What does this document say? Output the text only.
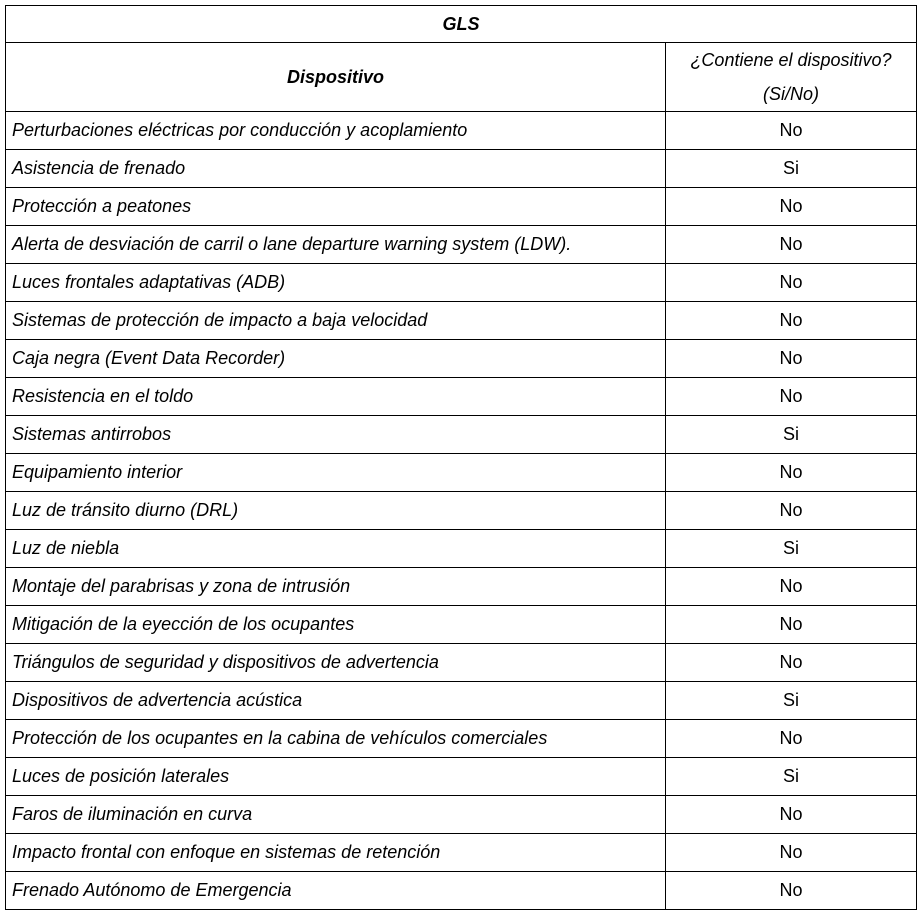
GLS	
Dispositivo	¿Contiene el dispositivo?
(Si/No)

Perturbaciones eléctricas por conducción y acoplamiento	No
Asistencia de frenado	Si
Protección a peatones	No
Alerta de desviación de carril o lane departure warning system (LDW).	No
Luces frontales adaptativas (ADB)	No
Sistemas de protección de impacto a baja velocidad	No
Caja negra (Event Data Recorder)	No
Resistencia en el toldo	No
Sistemas antirrobos	Si
Equipamiento interior	No
Luz de tránsito diurno (DRL)	No
Luz de niebla	Si
Montaje del parabrisas y zona de intrusión	No
Mitigación de la eyección de los ocupantes	No
Triángulos de seguridad y dispositivos de advertencia	No
Dispositivos de advertencia acústica	Si
Protección de los ocupantes en la cabina de vehículos comerciales	No
Luces de posición laterales	Si
Faros de iluminación en curva	No
Impacto frontal con enfoque en sistemas de retención	No
Frenado Autónomo de Emergencia	No
